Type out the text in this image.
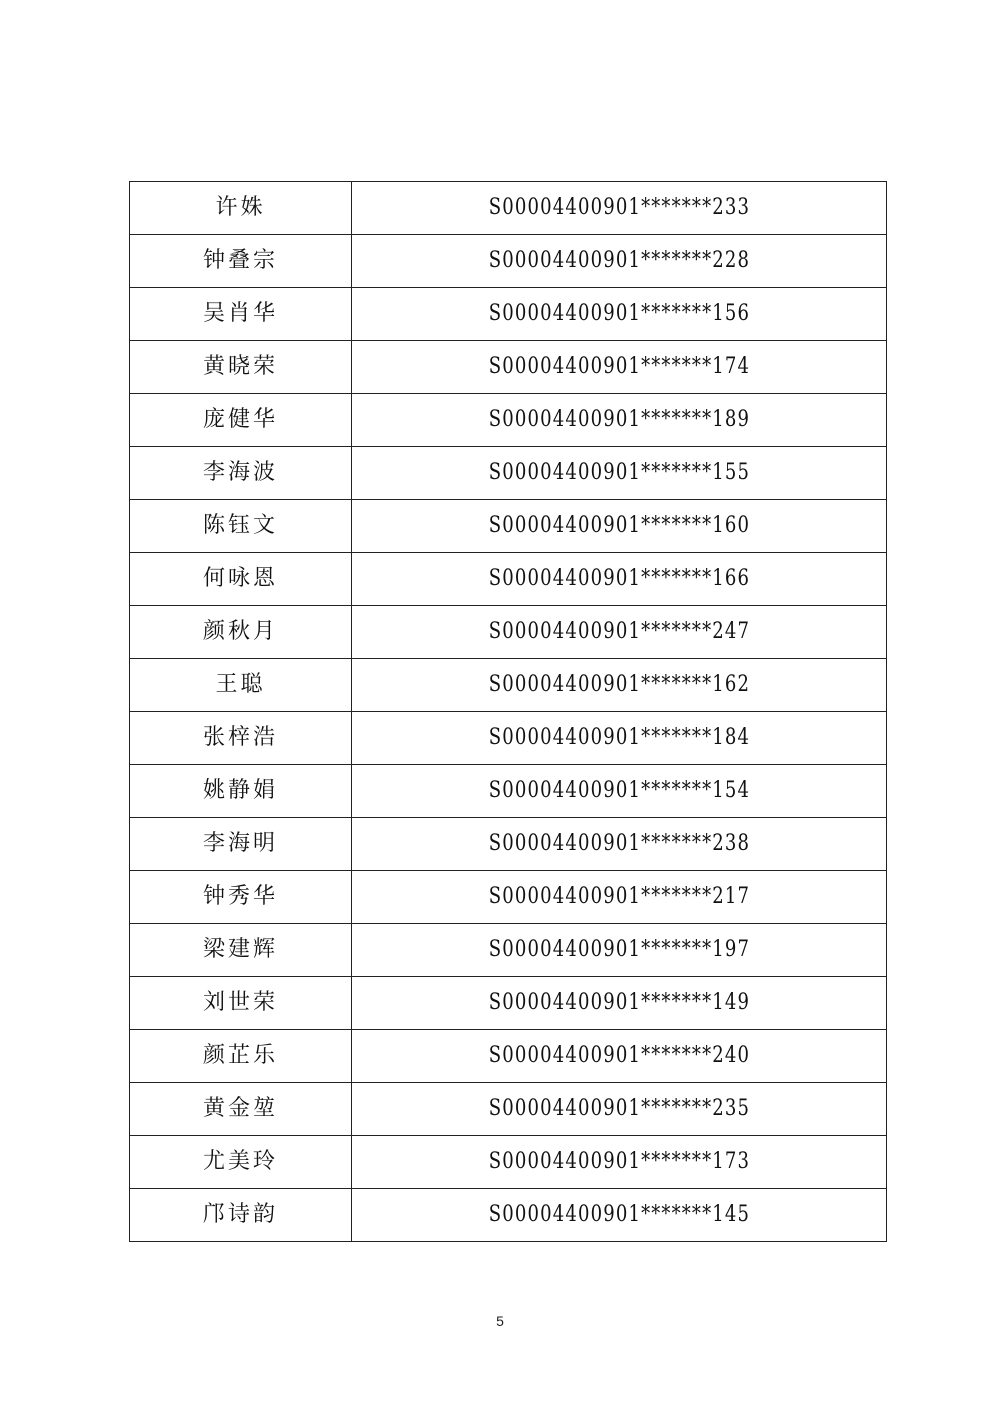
许姝	S00004400901*******233
钟叠宗	S00004400901*******228
吴肖华	S00004400901*******156
黄晓荣	S00004400901*******174
庞健华	S00004400901*******189
李海波	S00004400901*******155
陈钰文	S00004400901*******160
何咏恩	S00004400901*******166
颜秋月	S00004400901*******247
王聪	S00004400901*******162
张梓浩	S00004400901*******184
姚静娟	S00004400901*******154
李海明	S00004400901*******238
钟秀华	S00004400901*******217
梁建辉	S00004400901*******197
刘世荣	S00004400901*******149
颜芷乐	S00004400901*******240
黄金堃	S00004400901*******235
尤美玲	S00004400901*******173
邝诗韵	S00004400901*******145
5
